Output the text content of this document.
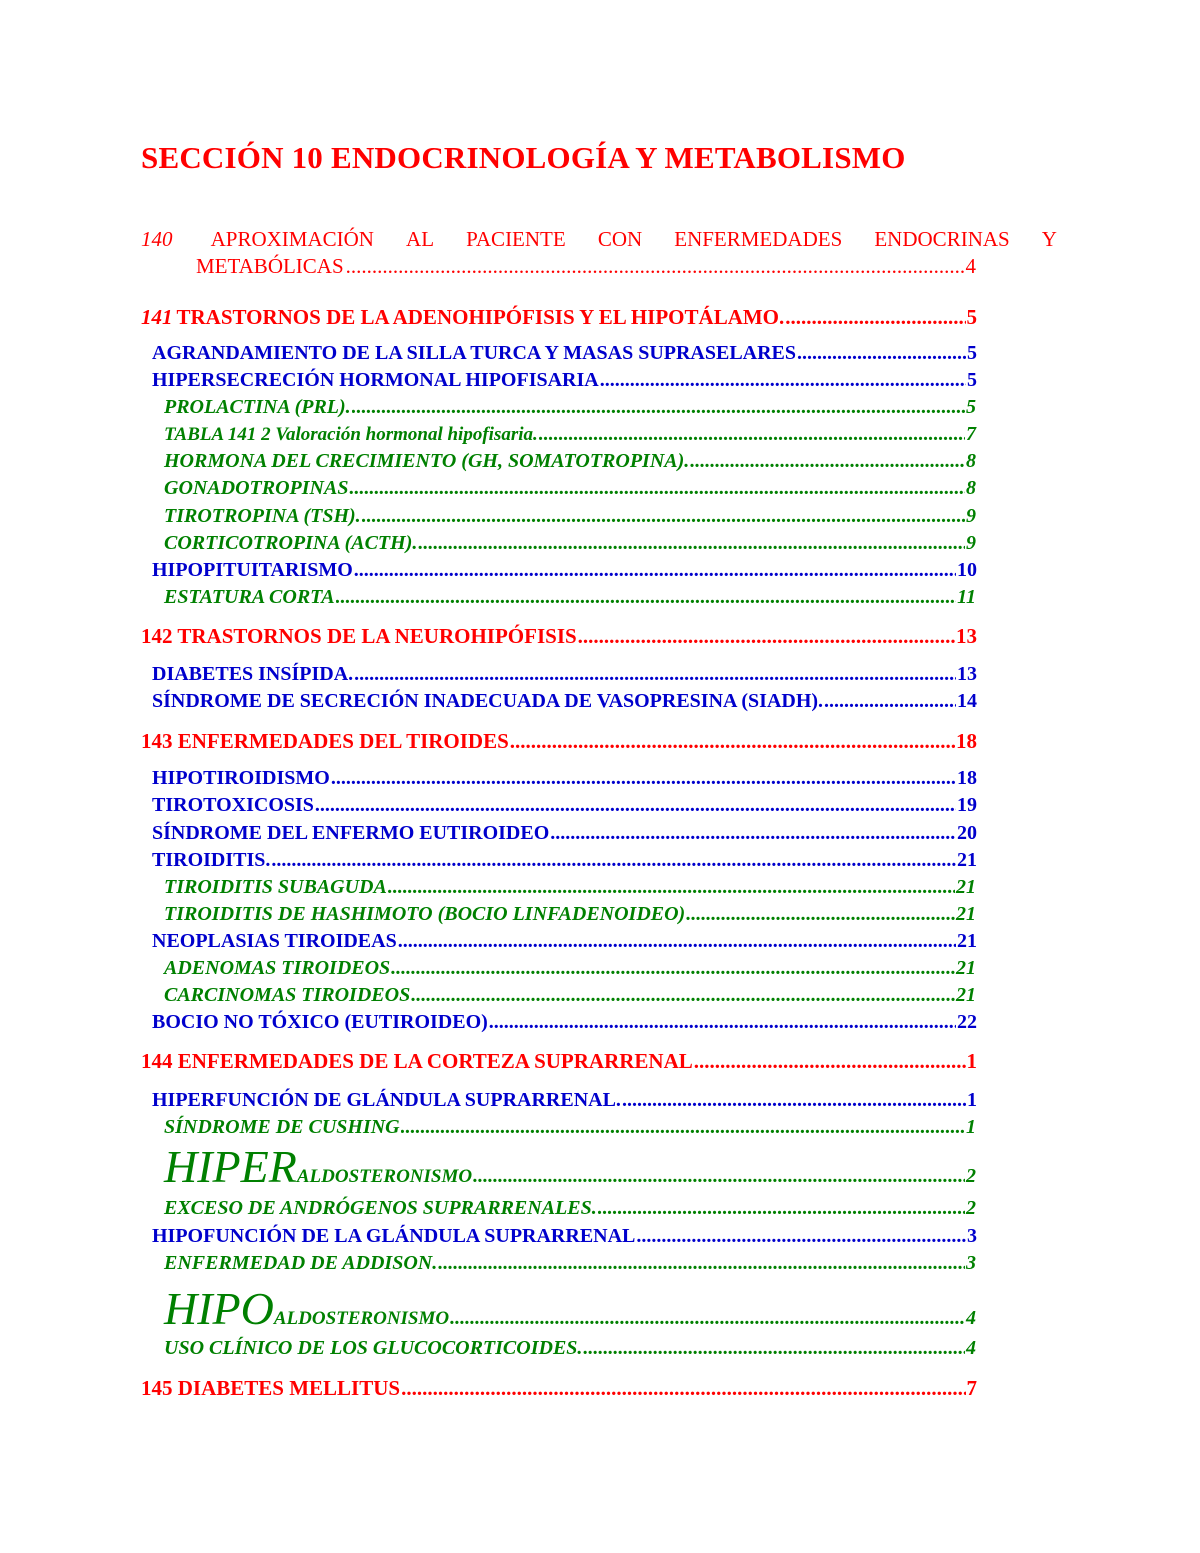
SECCIÓN 10 ENDOCRINOLOGÍA Y METABOLISMO
140 APROXIMACIÓN AL PACIENTE CON ENFERMEDADES ENDOCRINAS Y
METABÓLICAS .....	4
141 TRASTORNOS DE LA ADENOHIPÓFISIS Y EL HIPOTÁLAMO. .....	5
AGRANDAMIENTO DE LA SILLA TURCA Y MASAS SUPRASELARES .....	5
HIPERSECRECIÓN HORMONAL HIPOFISARIA .....	5
PROLACTINA (PRL). .....	5
TABLA 141 2 Valoración hormonal hipofisaria. .....	7
HORMONA DEL CRECIMIENTO (GH, SOMATOTROPINA). .....	8
GONADOTROPINAS .....	8
TIROTROPINA (TSH). .....	9
CORTICOTROPINA (ACTH). .....	9
HIPOPITUITARISMO .....	10
ESTATURA CORTA .....	11
142 TRASTORNOS DE LA NEUROHIPÓFISIS .....	13
DIABETES INSÍPIDA. .....	13
SÍNDROME DE SECRECIÓN INADECUADA DE VASOPRESINA (SIADH). .....	14
143 ENFERMEDADES DEL TIROIDES .....	18
HIPOTIROIDISMO .....	18
TIROTOXICOSIS .....	19
SÍNDROME DEL ENFERMO EUTIROIDEO .....	20
TIROIDITIS. .....	21
TIROIDITIS SUBAGUDA .....	21
TIROIDITIS DE HASHIMOTO (BOCIO LINFADENOIDEO) .....	21
NEOPLASIAS TIROIDEAS .....	21
ADENOMAS TIROIDEOS .....	21
CARCINOMAS TIROIDEOS .....	21
BOCIO NO TÓXICO (EUTIROIDEO) .....	22
144 ENFERMEDADES DE LA CORTEZA SUPRARRENAL .....	1
HIPERFUNCIÓN DE GLÁNDULA SUPRARRENAL. .....	1
SÍNDROME DE CUSHING .....	1
HIPERALDOSTERONISMO .....	2
EXCESO DE ANDRÓGENOS SUPRARRENALES. .....	2
HIPOFUNCIÓN DE LA GLÁNDULA SUPRARRENAL .....	3
ENFERMEDAD DE ADDISON. .....	3
HIPOALDOSTERONISMO .....	4
USO CLÍNICO DE LOS GLUCOCORTICOIDES. .....	4
145 DIABETES MELLITUS .....	7
